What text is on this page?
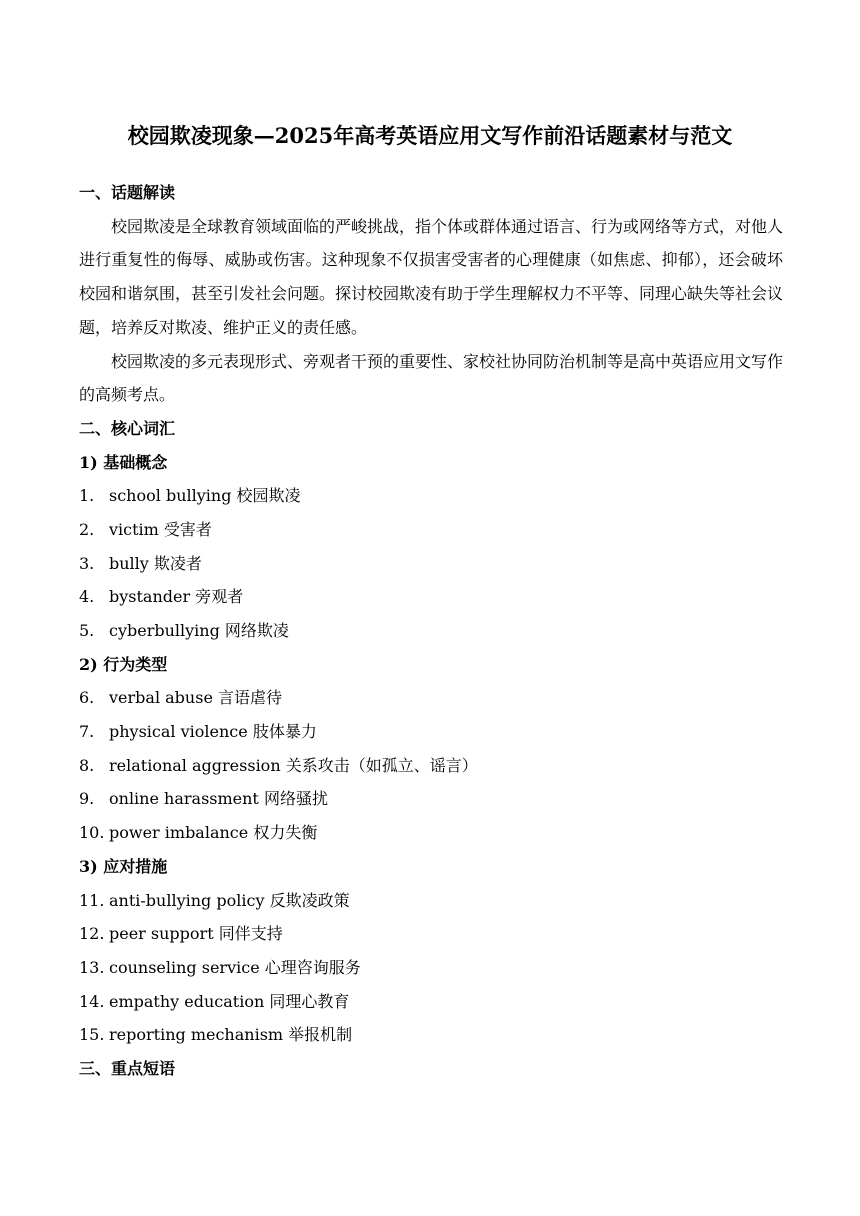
校园欺凌现象—2025年高考英语应用文写作前沿话题素材与范文
一、话题解读

校园欺凌是全球教育领域面临的严峻挑战，指个体或群体通过语言、行为或网络等方式，对他人进行重复性的侮辱、威胁或伤害。这种现象不仅损害受害者的心理健康（如焦虑、抑郁），还会破坏校园和谐氛围，甚至引发社会问题。探讨校园欺凌有助于学生理解权力不平等、同理心缺失等社会议题，培养反对欺凌、维护正义的责任感。

校园欺凌的多元表现形式、旁观者干预的重要性、家校社协同防治机制等是高中英语应用文写作的高频考点。

二、核心词汇
1) 基础概念
1. school bullying 校园欺凌
2. victim 受害者
3. bully 欺凌者
4. bystander 旁观者
5. cyberbullying 网络欺凌
2) 行为类型
6. verbal abuse 言语虐待
7. physical violence 肢体暴力
8. relational aggression 关系攻击（如孤立、谣言）
9. online harassment 网络骚扰
10. power imbalance 权力失衡
3) 应对措施
11. anti-bullying policy 反欺凌政策
12. peer support 同伴支持
13. counseling service 心理咨询服务
14. empathy education 同理心教育
15. reporting mechanism 举报机制
三、重点短语
